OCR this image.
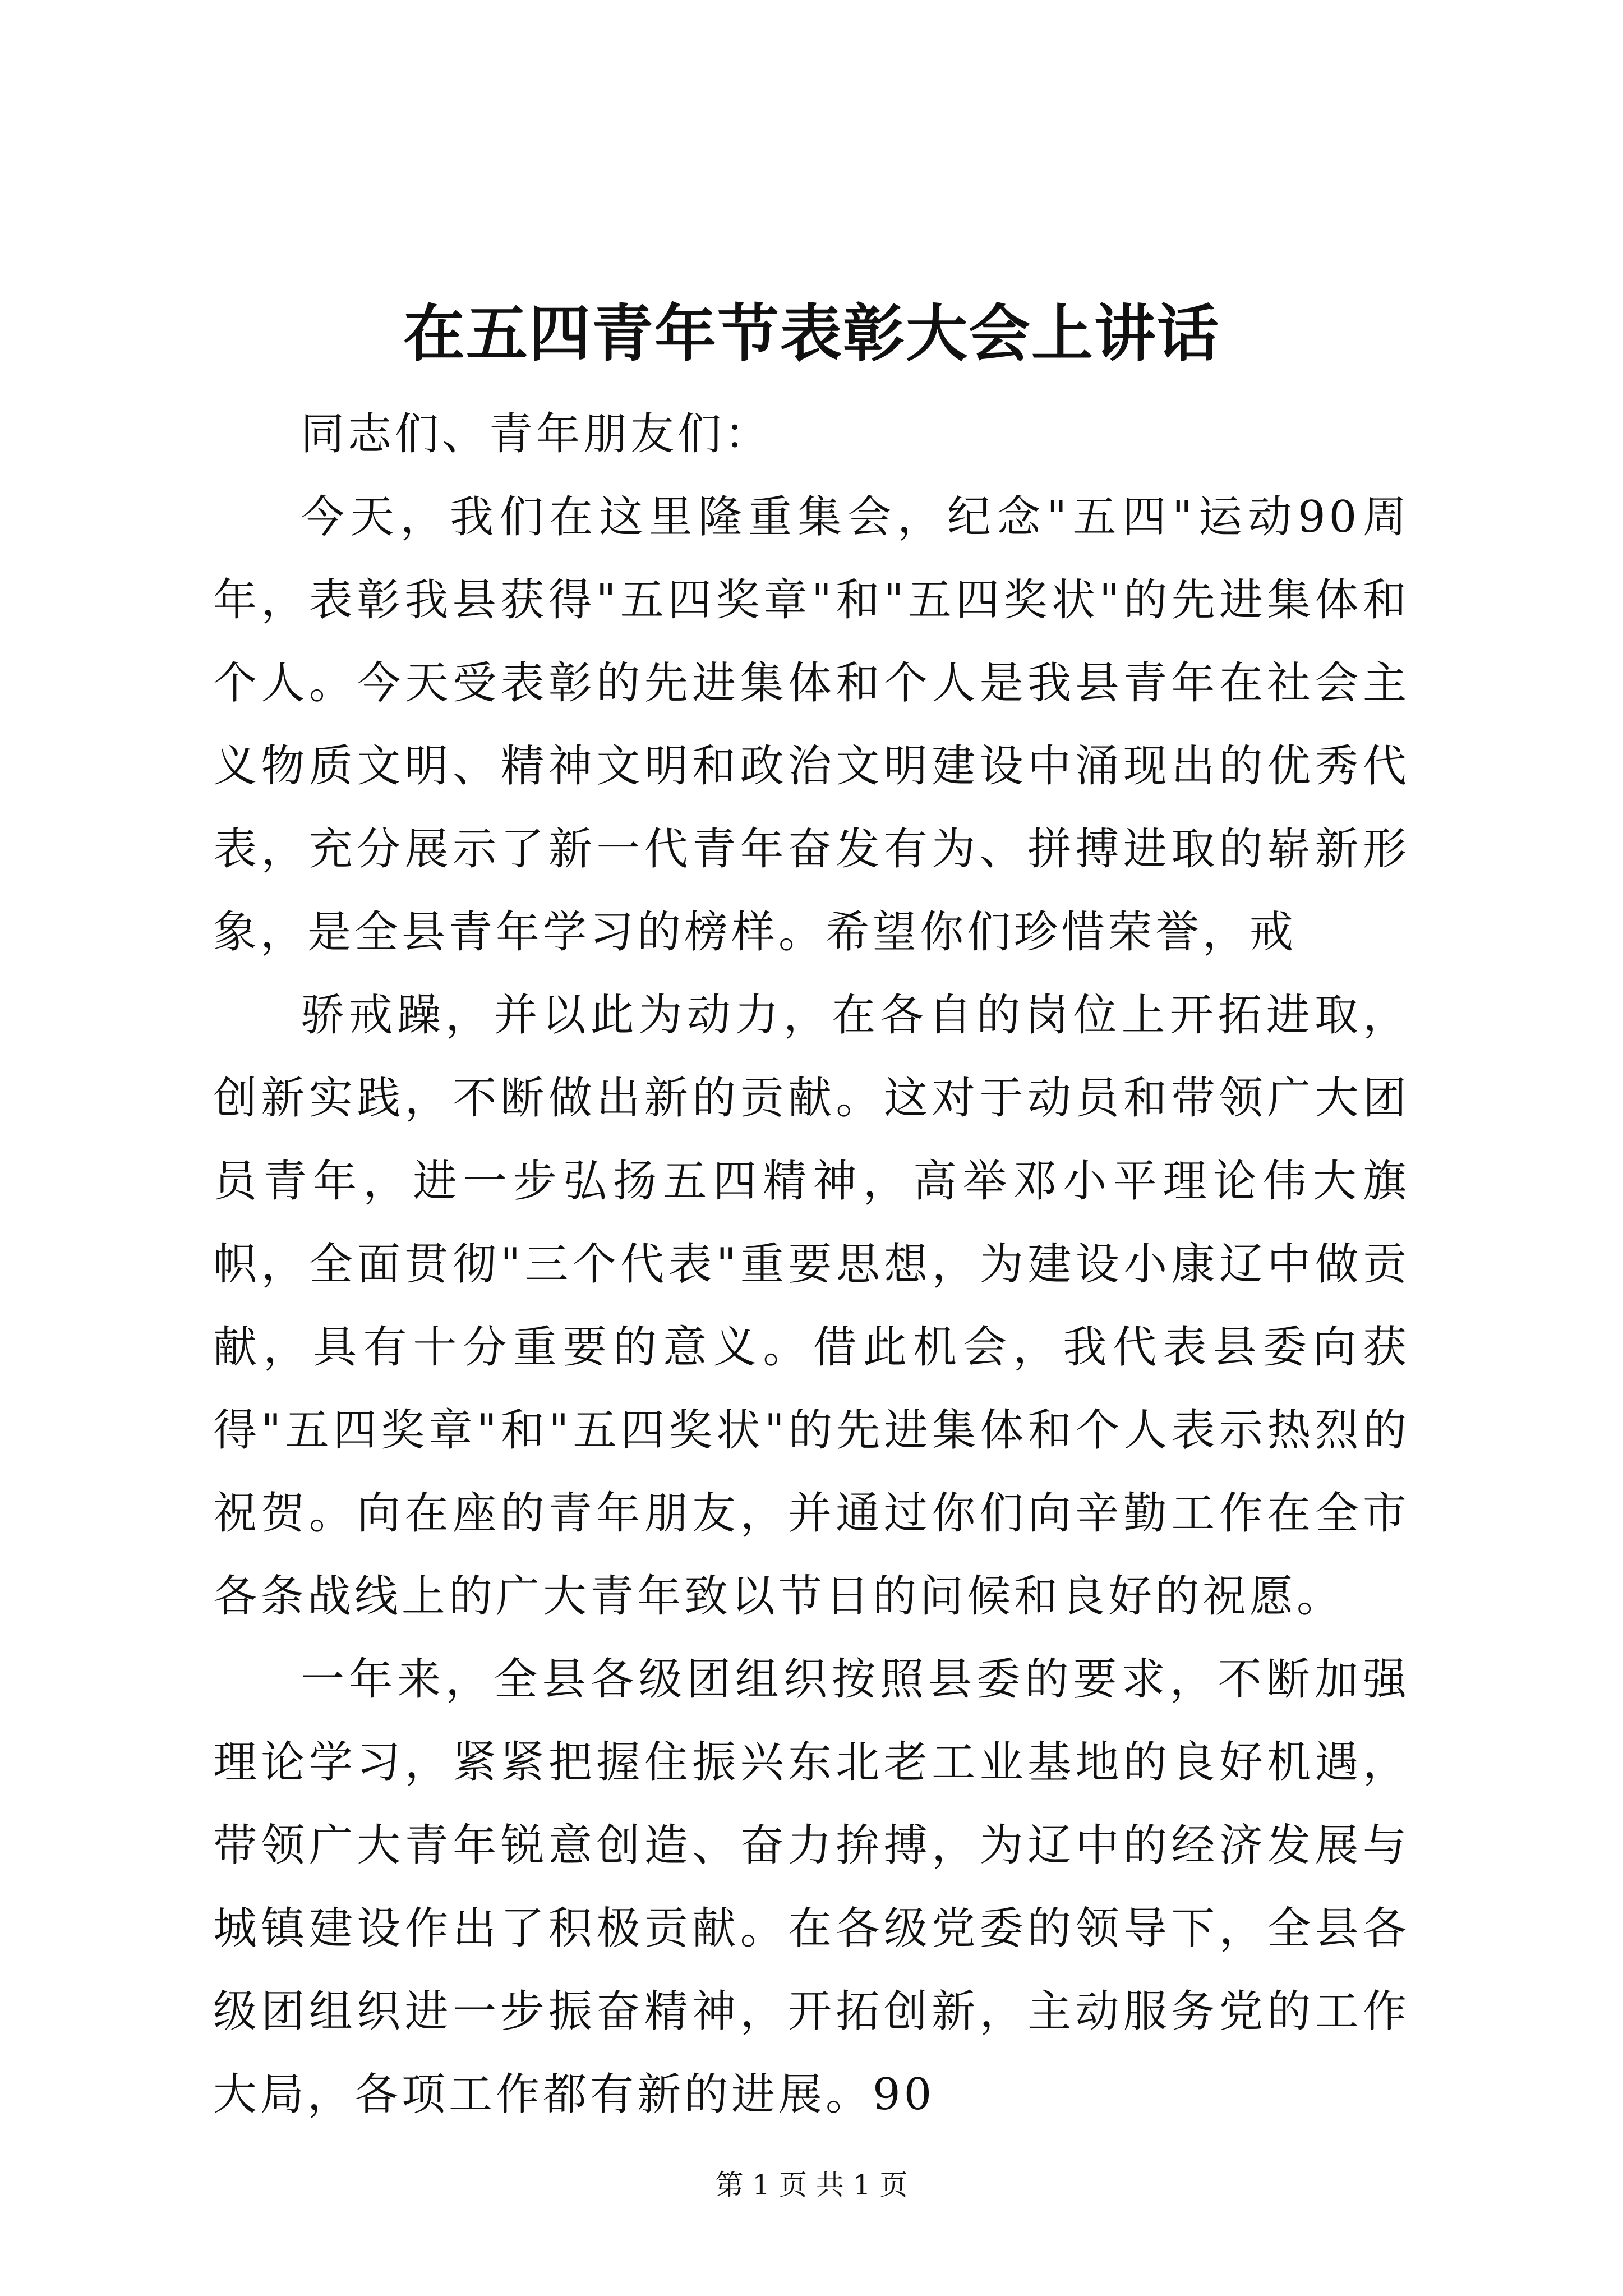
在五四青年节表彰大会上讲话

同志们、青年朋友们：

今天，我们在这里隆重集会，纪念"五四"运动90周年，表彰我县获得"五四奖章"和"五四奖状"的先进集体和个人。今天受表彰的先进集体和个人是我县青年在社会主义物质文明、精神文明和政治文明建设中涌现出的优秀代表，充分展示了新一代青年奋发有为、拼搏进取的崭新形象，是全县青年学习的榜样。希望你们珍惜荣誉，戒

骄戒躁，并以此为动力，在各自的岗位上开拓进取，创新实践，不断做出新的贡献。这对于动员和带领广大团员青年，进一步弘扬五四精神，高举邓小平理论伟大旗帜，全面贯彻"三个代表"重要思想，为建设小康辽中做贡献，具有十分重要的意义。借此机会，我代表县委向获得"五四奖章"和"五四奖状"的先进集体和个人表示热烈的祝贺。向在座的青年朋友，并通过你们向辛勤工作在全市各条战线上的广大青年致以节日的问候和良好的祝愿。

一年来，全县各级团组织按照县委的要求，不断加强理论学习，紧紧把握住振兴东北老工业基地的良好机遇，带领广大青年锐意创造、奋力拚搏，为辽中的经济发展与城镇建设作出了积极贡献。在各级党委的领导下，全县各级团组织进一步振奋精神，开拓创新，主动服务党的工作大局，各项工作都有新的进展。90

第 1 页 共 1 页
